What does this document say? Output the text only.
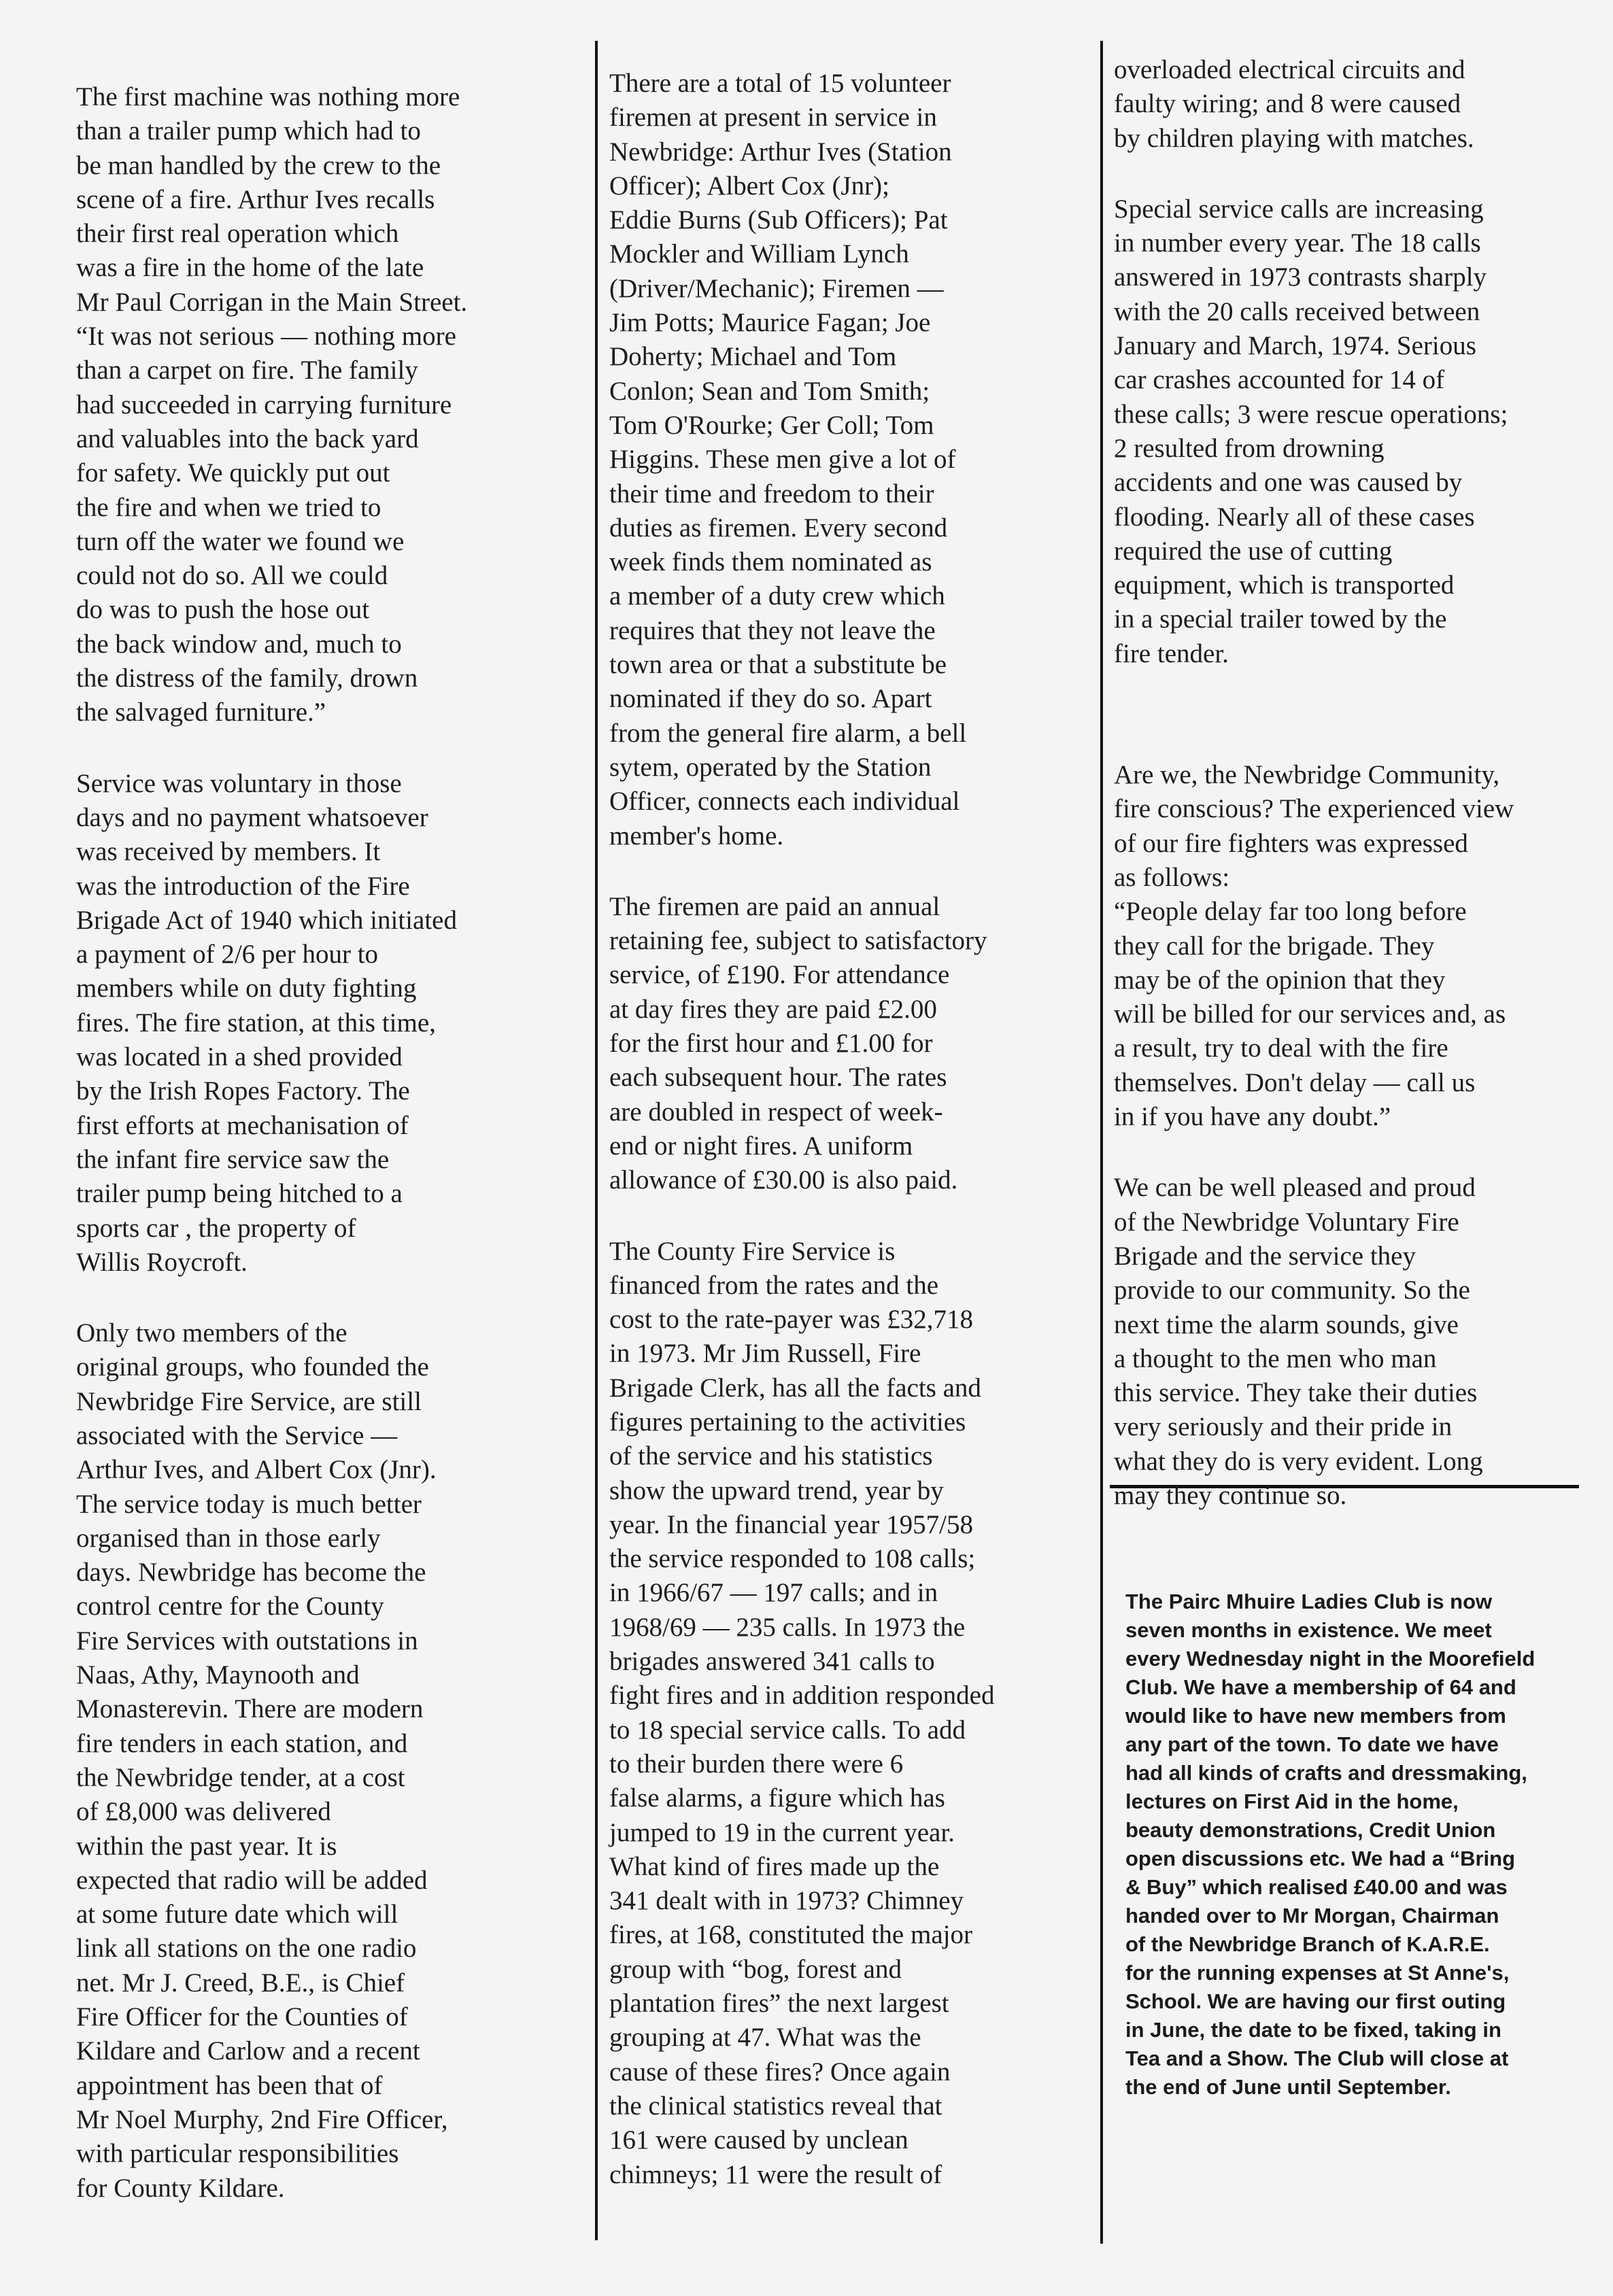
The first machine was nothing more
than a trailer pump which had to
be man handled by the crew to the
scene of a fire. Arthur Ives recalls
their first real operation which
was a fire in the home of the late
Mr Paul Corrigan in the Main Street.
“It was not serious — nothing more
than a carpet on fire. The family
had succeeded in carrying furniture
and valuables into the back yard
for safety. We quickly put out
the fire and when we tried to
turn off the water we found we
could not do so. All we could
do was to push the hose out
the back window and, much to
the distress of the family, drown
the salvaged furniture.”

Service was voluntary in those
days and no payment whatsoever
was received by members. It
was the introduction of the Fire
Brigade Act of 1940 which initiated
a payment of 2/6 per hour to
members while on duty fighting
fires. The fire station, at this time,
was located in a shed provided
by the Irish Ropes Factory. The
first efforts at mechanisation of
the infant fire service saw the
trailer pump being hitched to a
sports car , the property of
Willis Roycroft.

Only two members of the
original groups, who founded the
Newbridge Fire Service, are still
associated with the Service —
Arthur Ives, and Albert Cox (Jnr).
The service today is much better
organised than in those early
days. Newbridge has become the
control centre for the County
Fire Services with outstations in
Naas, Athy, Maynooth and
Monasterevin. There are modern
fire tenders in each station, and
the Newbridge tender, at a cost
of £8,000 was delivered
within the past year. It is
expected that radio will be added
at some future date which will
link all stations on the one radio
net. Mr J. Creed, B.E., is Chief
Fire Officer for the Counties of
Kildare and Carlow and a recent
appointment has been that of
Mr Noel Murphy, 2nd Fire Officer,
with particular responsibilities
for County Kildare.

There are a total of 15 volunteer
firemen at present in service in
Newbridge: Arthur Ives (Station
Officer); Albert Cox (Jnr);
Eddie Burns (Sub Officers); Pat
Mockler and William Lynch
(Driver/Mechanic); Firemen —
Jim Potts; Maurice Fagan; Joe
Doherty; Michael and Tom
Conlon; Sean and Tom Smith;
Tom O'Rourke; Ger Coll; Tom
Higgins. These men give a lot of
their time and freedom to their
duties as firemen. Every second
week finds them nominated as
a member of a duty crew which
requires that they not leave the
town area or that a substitute be
nominated if they do so. Apart
from the general fire alarm, a bell
sytem, operated by the Station
Officer, connects each individual
member's home.

The firemen are paid an annual
retaining fee, subject to satisfactory
service, of £190. For attendance
at day fires they are paid £2.00
for the first hour and £1.00 for
each subsequent hour. The rates
are doubled in respect of week-
end or night fires. A uniform
allowance of £30.00 is also paid.

The County Fire Service is
financed from the rates and the
cost to the rate-payer was £32,718
in 1973. Mr Jim Russell, Fire
Brigade Clerk, has all the facts and
figures pertaining to the activities
of the service and his statistics
show the upward trend, year by
year. In the financial year 1957/58
the service responded to 108 calls;
in 1966/67 — 197 calls; and in
1968/69 — 235 calls. In 1973 the
brigades answered 341 calls to
fight fires and in addition responded
to 18 special service calls. To add
to their burden there were 6
false alarms, a figure which has
jumped to 19 in the current year.
What kind of fires made up the
341 dealt with in 1973? Chimney
fires, at 168, constituted the major
group with “bog, forest and
plantation fires” the next largest
grouping at 47. What was the
cause of these fires? Once again
the clinical statistics reveal that
161 were caused by unclean
chimneys; 11 were the result of

overloaded electrical circuits and
faulty wiring; and 8 were caused
by children playing with matches.

Special service calls are increasing
in number every year. The 18 calls
answered in 1973 contrasts sharply
with the 20 calls received between
January and March, 1974. Serious
car crashes accounted for 14 of
these calls; 3 were rescue operations;
2 resulted from drowning
accidents and one was caused by
flooding. Nearly all of these cases
required the use of cutting
equipment, which is transported
in a special trailer towed by the
fire tender.

Are we, the Newbridge Community,
fire conscious? The experienced view
of our fire fighters was expressed
as follows:
“People delay far too long before
they call for the brigade. They
may be of the opinion that they
will be billed for our services and, as
a result, try to deal with the fire
themselves. Don't delay — call us
in if you have any doubt.”

We can be well pleased and proud
of the Newbridge Voluntary Fire
Brigade and the service they
provide to our community. So the
next time the alarm sounds, give
a thought to the men who man
this service. They take their duties
very seriously and their pride in
what they do is very evident. Long
may they continue so.

The Pairc Mhuire Ladies Club is now
seven months in existence. We meet
every Wednesday night in the Moorefield
Club. We have a membership of 64 and
would like to have new members from
any part of the town. To date we have
had all kinds of crafts and dressmaking,
lectures on First Aid in the home,
beauty demonstrations, Credit Union
open discussions etc. We had a “Bring
& Buy” which realised £40.00 and was
handed over to Mr Morgan, Chairman
of the Newbridge Branch of K.A.R.E.
for the running expenses at St Anne's,
School. We are having our first outing
in June, the date to be fixed, taking in
Tea and a Show. The Club will close at
the end of June until September.
